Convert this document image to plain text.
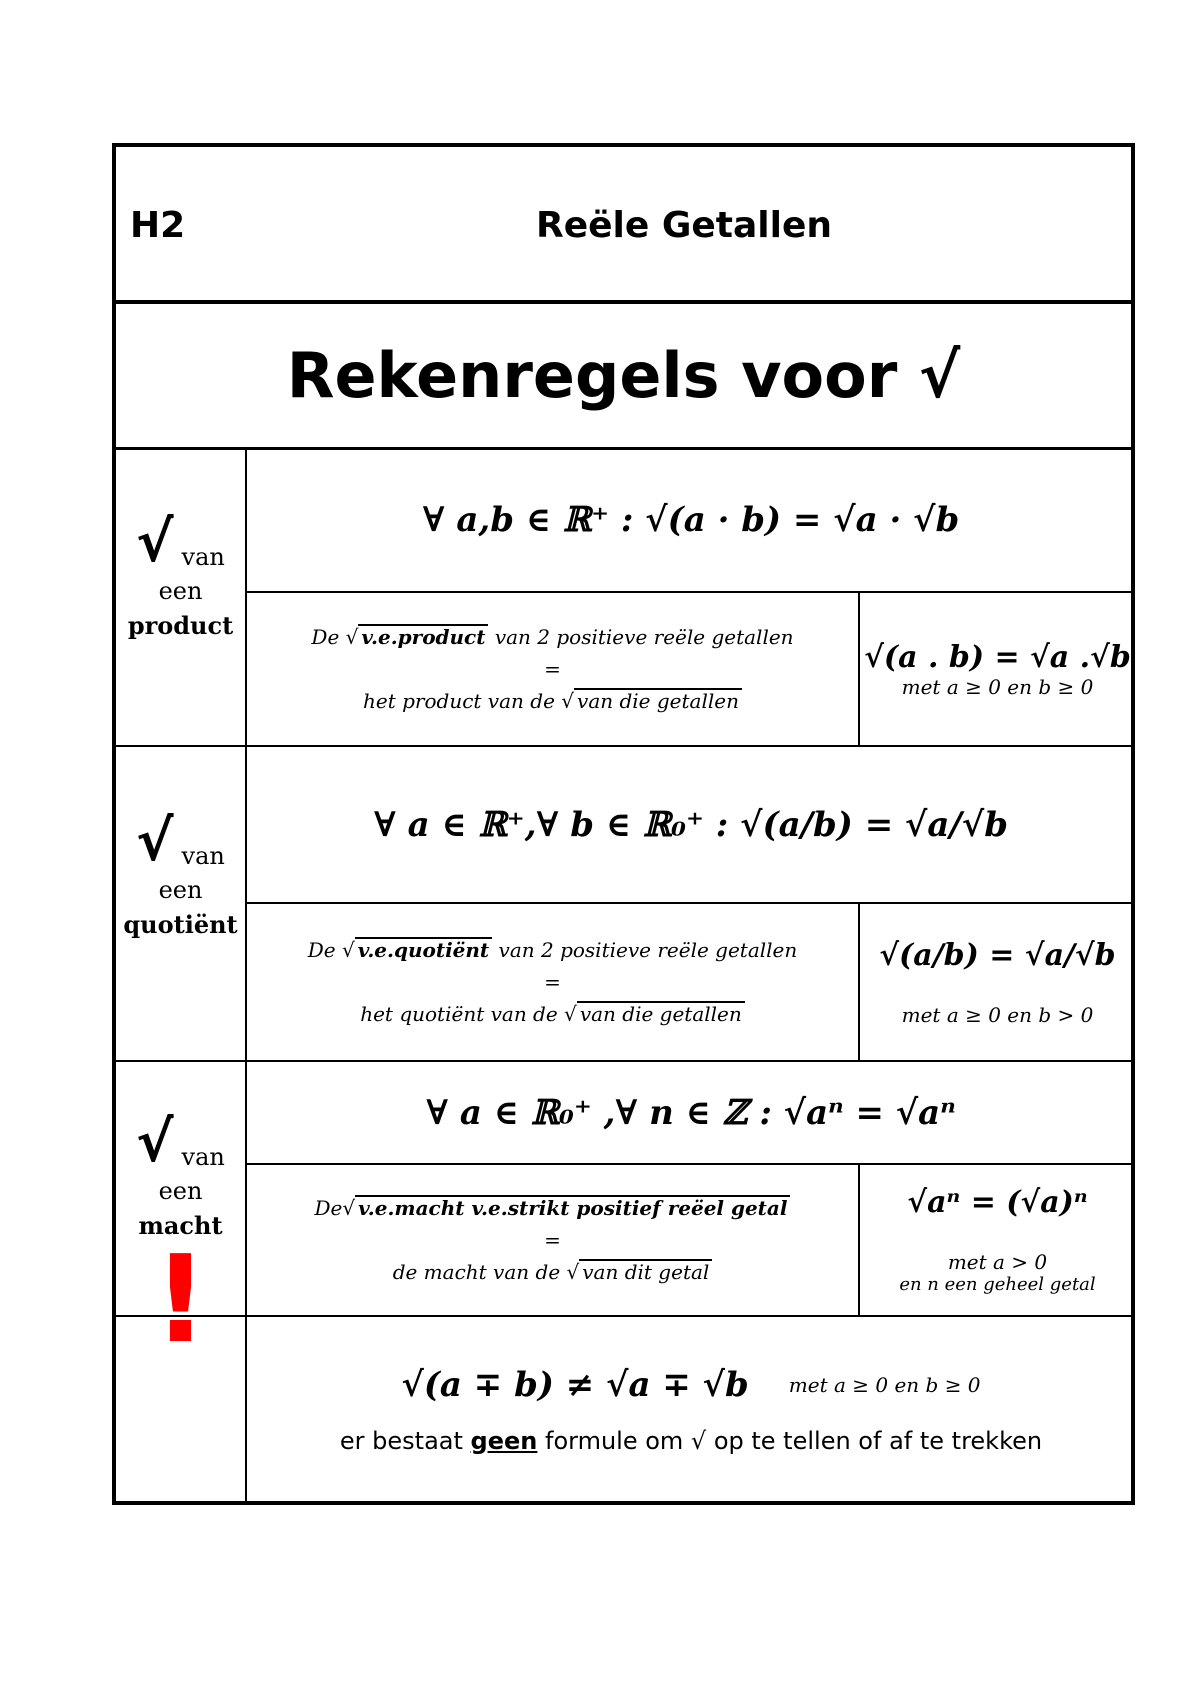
H2	Reële Getallen
Rekenregels voor √
√ van
een
product
∀ a,b ∈ ℝ⁺ : √(a · b) = √a · √b
De √ v.e.product van 2 positieve reële getallen
=
het product van de √ van die getallen
√(a . b) = √a .√b
met a ≥ 0 en b ≥ 0
√ van
een
quotiënt
∀ a ∈ ℝ⁺,∀ b ∈ ℝ₀⁺ : √(a/b) = √a/√b
De √ v.e.quotiënt van 2 positieve reële getallen
=
het quotiënt van de √ van die getallen
√(a/b) = √a/√b
met a ≥ 0 en b > 0
√ van
een
macht
∀ a ∈ ℝ₀⁺ ,∀ n ∈ ℤ : √aⁿ = √aⁿ
De√ v.e.macht v.e.strikt positief reëel getal
=
de macht van de √ van dit getal
√aⁿ = (√a)ⁿ
met a > 0
en n een geheel getal
!
√(a ∓ b) ≠ √a ∓ √b met a ≥ 0 en b ≥ 0
er bestaat geen formule om √ op te tellen of af te trekken
